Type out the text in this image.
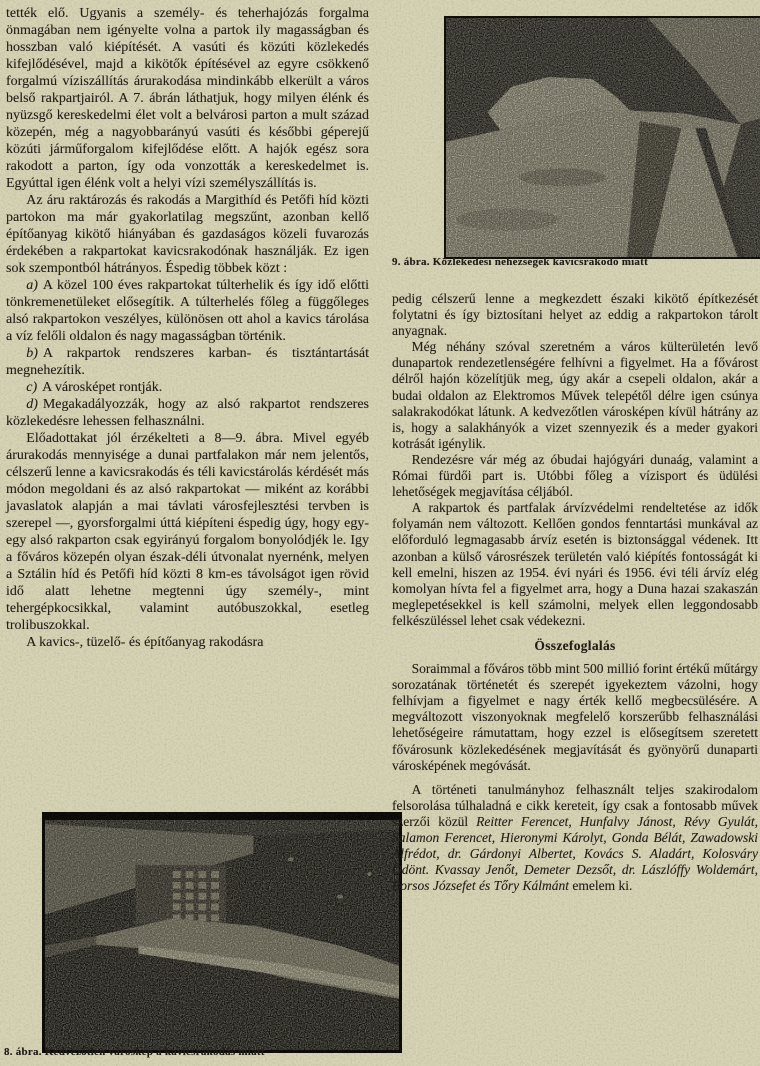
9. ábra. Közlekedési nehézségek kavicsrakodó miatt
8. ábra. Kedvezőtlen városkép a kavicsrakodás miatt

tették elő. Ugyanis a személy- és teherhajózás forgalma önmagában nem igényelte volna a partok ily magasságban és hosszban való kiépítését. A vasúti és közúti közlekedés kifejlődésével, majd a kikötők építésével az egyre csökkenő forgalmú víziszállítás árurakodása mindinkább elkerült a város belső rakpartjairól. A 7. ábrán láthatjuk, hogy milyen élénk és nyüzsgő kereskedelmi élet volt a belvárosi parton a mult század közepén, még a nagyobbarányú vasúti és későbbi géperejű közúti járműforgalom kifejlődése előtt. A hajók egész sora rakodott a parton, így oda vonzották a kereskedelmet is. Egyúttal igen élénk volt a helyi vízi személyszállítás is.

Az áru raktározás és rakodás a Margithíd és Petőfi híd közti partokon ma már gyakorlatilag megszűnt, azonban kellő építőanyag kikötő hiányában és gazdaságos közeli fuvarozás érdekében a rakpartokat kavicsrakodónak használják. Ez igen sok szempontból hátrányos. Éspedig többek közt :

a) A közel 100 éves rakpartokat túlterhelik és így idő előtti tönkremenetüleket elősegítik. A túlterhelés főleg a függőleges alsó rakpartokon veszélyes, különösen ott ahol a kavics tárolása a víz felőli oldalon és nagy magasságban történik.

b) A rakpartok rendszeres karban- és tisztántartását megnehezítik.

c) A városképet rontják.

d) Megakadályozzák, hogy az alsó rakpartot rendszeres közlekedésre lehessen felhasználni.

Előadottakat jól érzékelteti a 8—9. ábra. Mivel egyéb árurakodás mennyisége a dunai partfalakon már nem jelentős, célszerű lenne a kavicsrakodás és téli kavicstárolás kérdését más módon megoldani és az alsó rakpartokat — miként az korábbi javaslatok alapján a mai távlati városfejlesztési tervben is szerepel —, gyorsforgalmi úttá kiépíteni éspedig úgy, hogy egy-egy alsó rakparton csak egyirányú forgalom bonyolódjék le. Igy a főváros közepén olyan észak-déli útvonalat nyernénk, melyen a Sztálin híd és Petőfi híd közti 8 km-es távolságot igen rövid idő alatt lehetne megtenni úgy személy-, mint tehergépkocsikkal, valamint autóbuszokkal, esetleg trolibuszokkal.

A kavics-, tüzelő- és építőanyag rakodásra

pedig célszerű lenne a megkezdett északi kikötő építkezését folytatni és így biztosítani helyet az eddig a rakpartokon tárolt anyagnak.

Még néhány szóval szeretném a város külterületén levő dunapartok rendezetlenségére felhívni a figyelmet. Ha a fővárost délről hajón közelítjük meg, úgy akár a csepeli oldalon, akár a budai oldalon az Elektromos Művek telepétől délre igen csúnya salakrakodókat látunk. A kedvezőtlen városképen kívül hátrány az is, hogy a salakhányók a vizet szennyezik és a meder gyakori kotrását igénylik.

Rendezésre vár még az óbudai hajógyári dunaág, valamint a Római fürdői part is. Utóbbi főleg a vízisport és üdülési lehetőségek megjavítása céljából.

A rakpartok és partfalak árvízvédelmi rendeltetése az idők folyamán nem változott. Kellően gondos fenntartási munkával az előforduló legmagasabb árvíz esetén is biztonsággal védenek. Itt azonban a külső városrészek területén való kiépítés fontosságát ki kell emelni, hiszen az 1954. évi nyári és 1956. évi téli árvíz elég komolyan hívta fel a figyelmet arra, hogy a Duna hazai szakaszán meglepetésekkel is kell számolni, melyek ellen leggondosabb felkészüléssel lehet csak védekezni.

Összefoglalás

Soraimmal a főváros több mint 500 millió forint értékű műtárgy sorozatának történetét és szerepét igyekeztem vázolni, hogy felhívjam a figyelmet e nagy érték kellő megbecsülésére. A megváltozott viszonyoknak megfelelő korszerűbb felhasználási lehetőségeire rámutattam, hogy ezzel is elősegítsem szeretett fővárosunk közlekedésének megjavítását és gyönyörű dunaparti városképének megóvását.

A történeti tanulmányhoz felhasznált teljes szakirodalom felsorolása túlhaladná e cikk kereteit, így csak a fontosabb művek szerzői közül Reitter Ferencet, Hunfalvy Jánost, Révy Gyulát, Salamon Ferencet, Hieronymi Károlyt, Gonda Bélát, Zawadowski Alfrédot, dr. Gárdonyi Albertet, Kovács S. Aladárt, Kolosváry Ödönt. Kvassay Jenőt, Demeter Dezsőt, dr. Lászlóffy Woldemárt, Borsos Józsefet és Tőry Kálmánt emelem ki.
